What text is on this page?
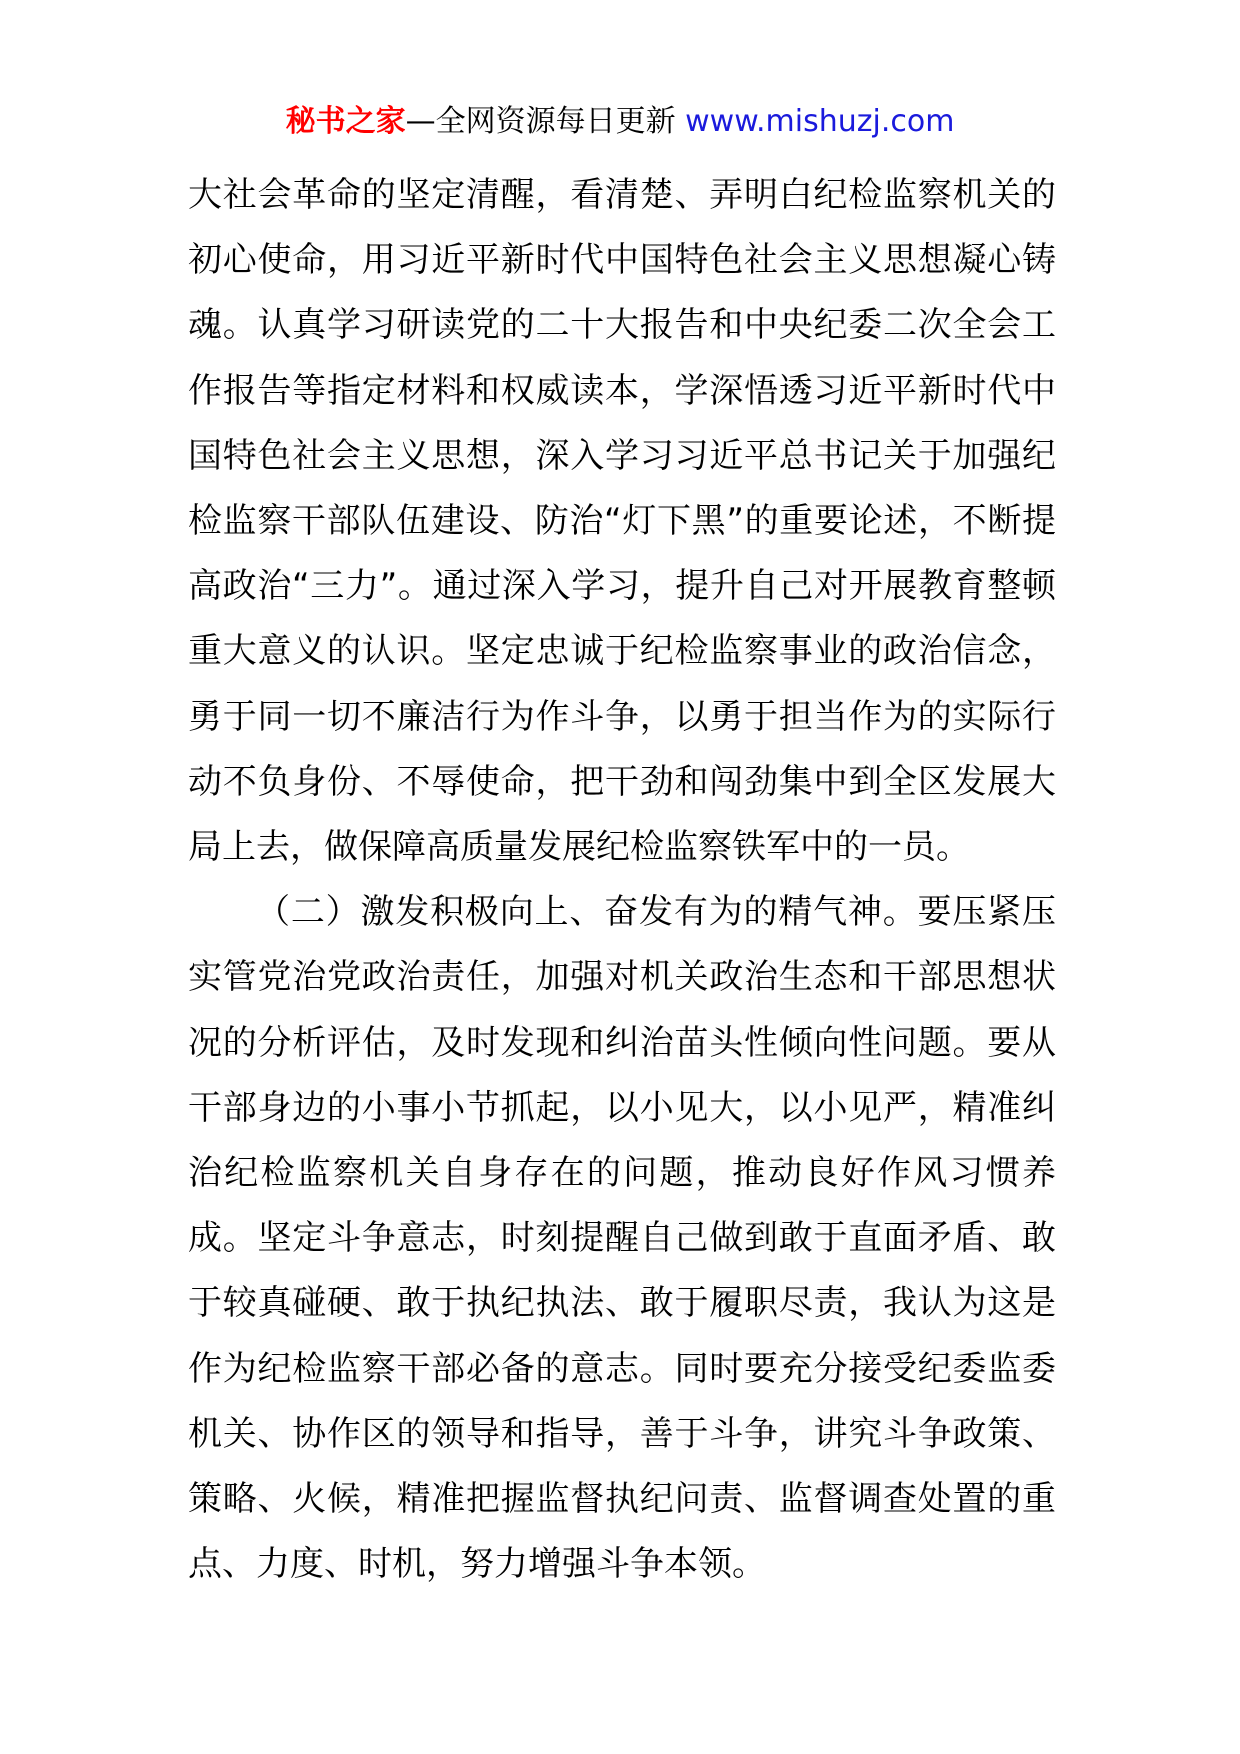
秘书之家—全网资源每日更新 www.mishuzj.com

大社会革命的坚定清醒，看清楚、弄明白纪检监察机关的初心使命，用习近平新时代中国特色社会主义思想凝心铸魂。认真学习研读党的二十大报告和中央纪委二次全会工作报告等指定材料和权威读本，学深悟透习近平新时代中国特色社会主义思想，深入学习习近平总书记关于加强纪检监察干部队伍建设、防治“灯下黑”的重要论述，不断提高政治“三力”。通过深入学习，提升自己对开展教育整顿重大意义的认识。坚定忠诚于纪检监察事业的政治信念，勇于同一切不廉洁行为作斗争，以勇于担当作为的实际行动不负身份、不辱使命，把干劲和闯劲集中到全区发展大局上去，做保障高质量发展纪检监察铁军中的一员。

（二）激发积极向上、奋发有为的精气神。要压紧压实管党治党政治责任，加强对机关政治生态和干部思想状况的分析评估，及时发现和纠治苗头性倾向性问题。要从干部身边的小事小节抓起，以小见大，以小见严，精准纠治纪检监察机关自身存在的问题，推动良好作风习惯养成。坚定斗争意志，时刻提醒自己做到敢于直面矛盾、敢于较真碰硬、敢于执纪执法、敢于履职尽责，我认为这是作为纪检监察干部必备的意志。同时要充分接受纪委监委机关、协作区的领导和指导，善于斗争，讲究斗争政策、策略、火候，精准把握监督执纪问责、监督调查处置的重点、力度、时机，努力增强斗争本领。
